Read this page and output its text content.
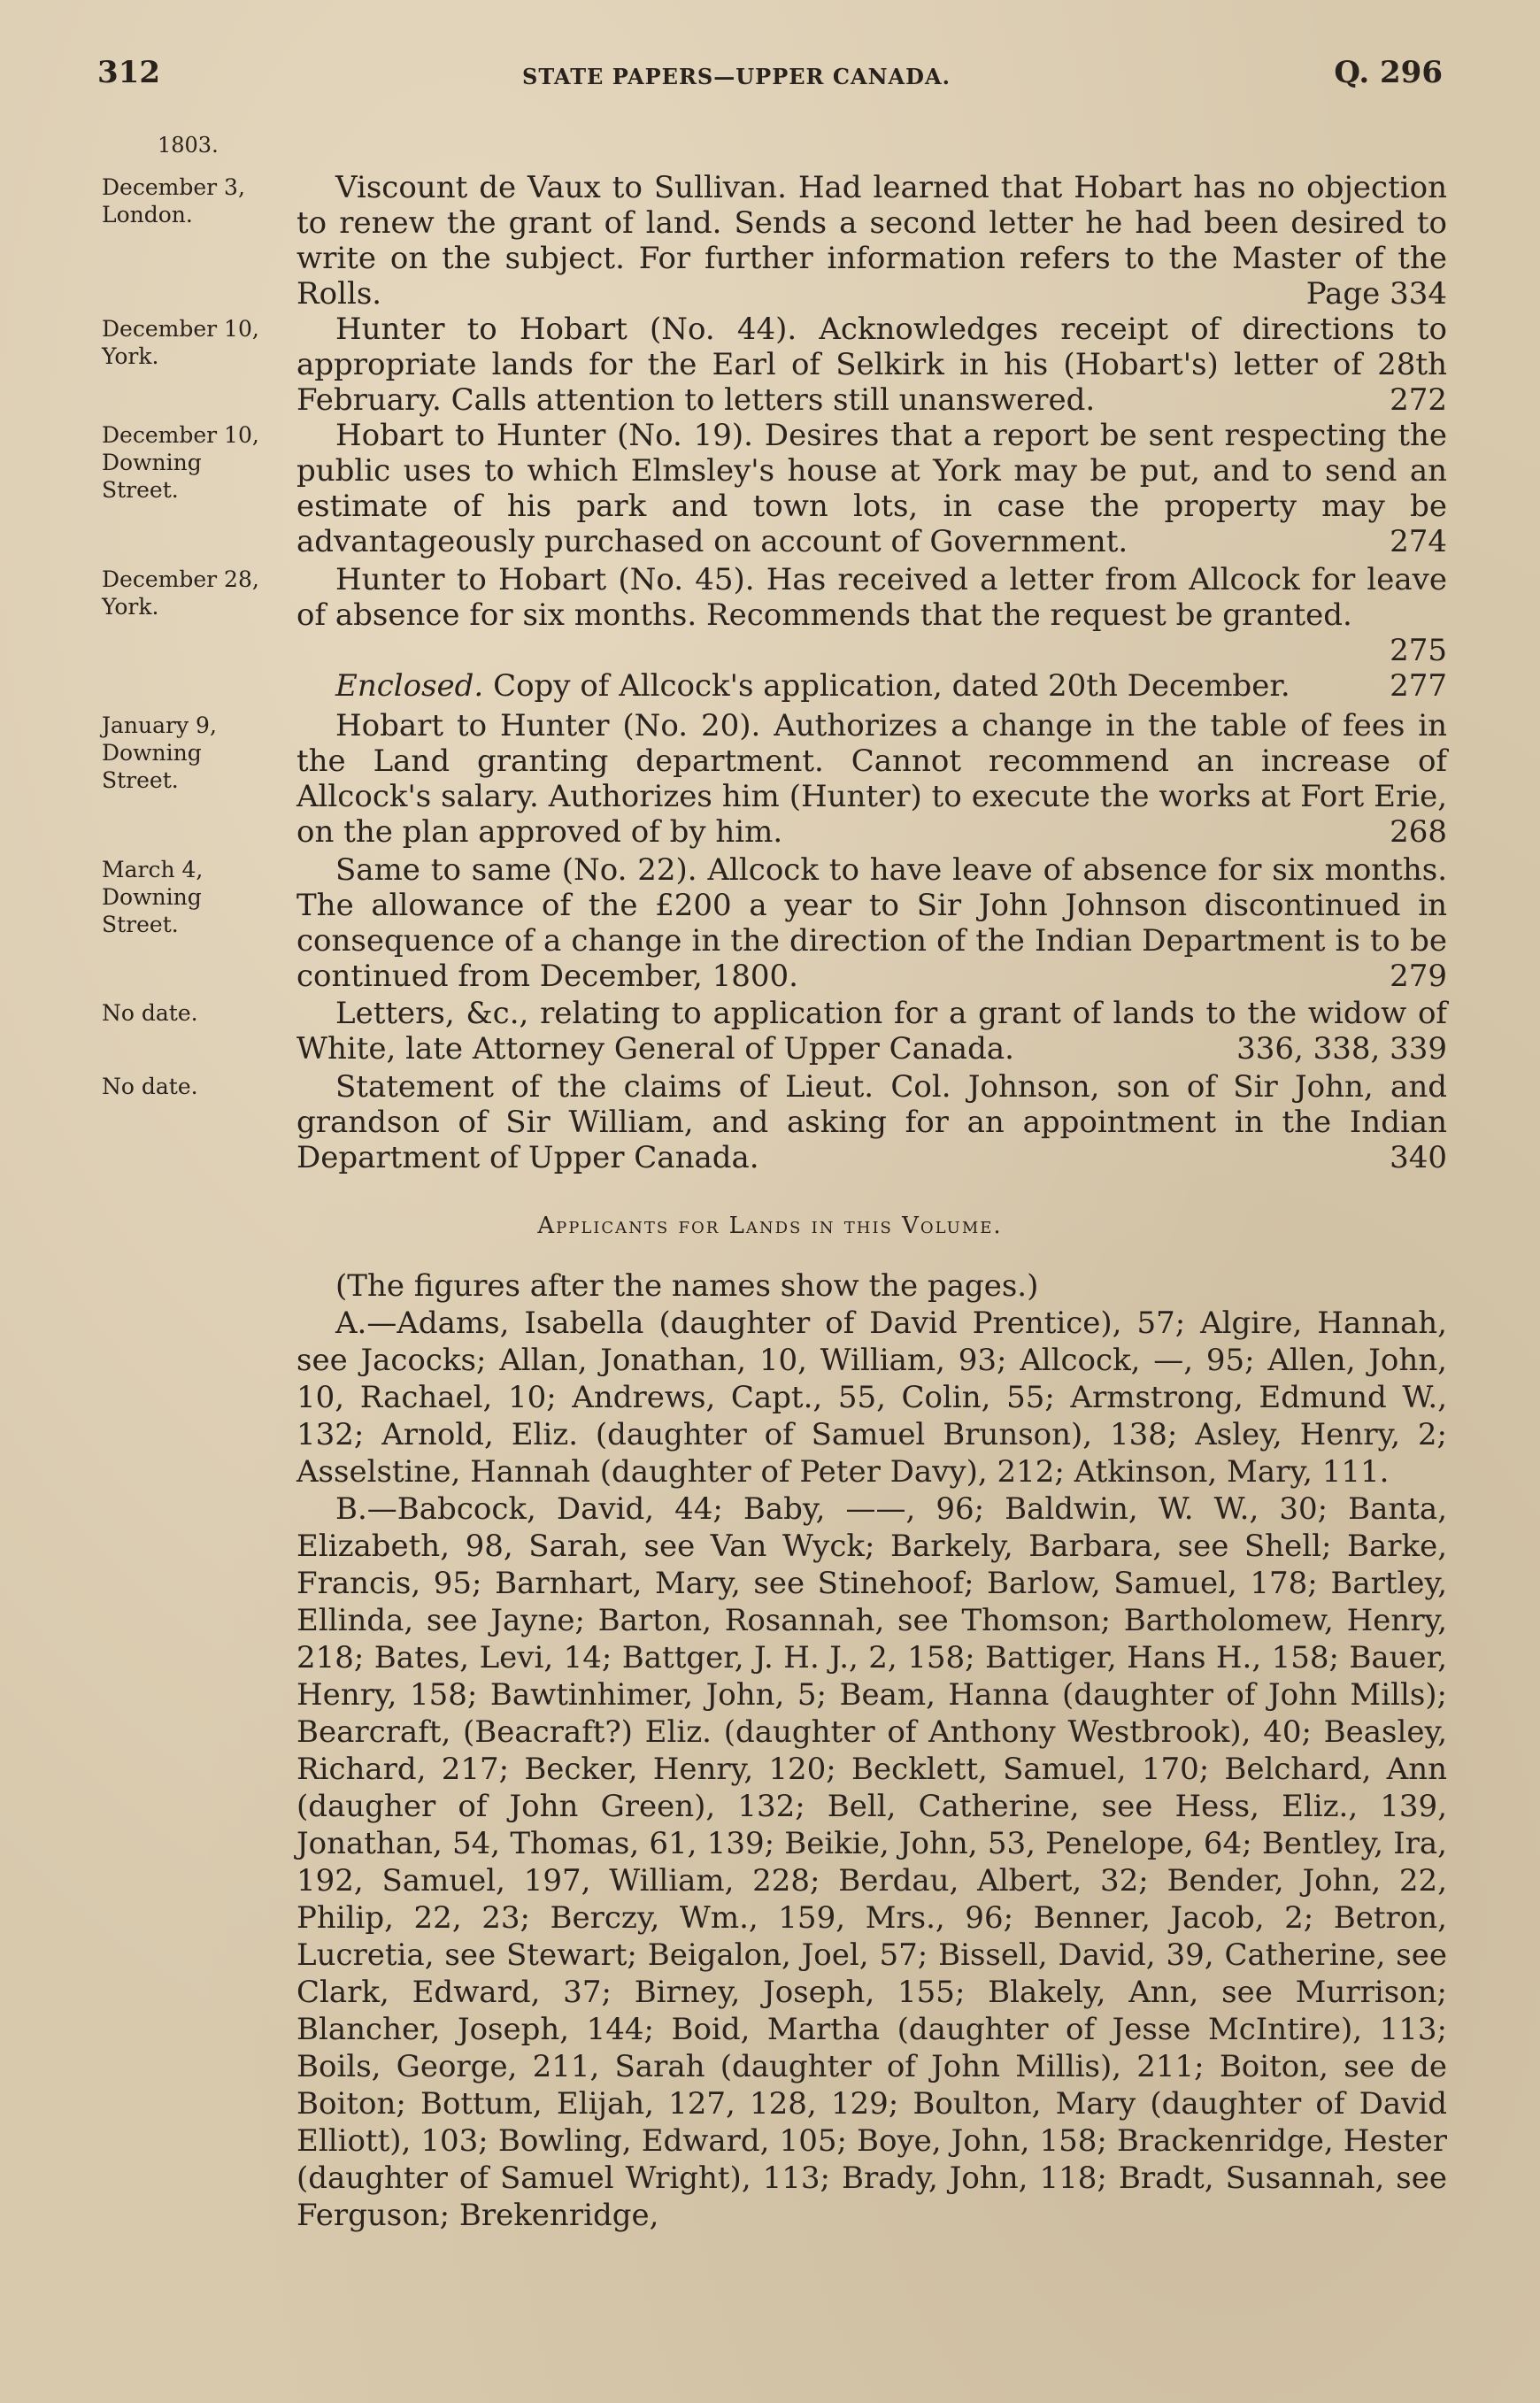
312	STATE PAPERS—UPPER CANADA.	Q. 296
1803.
December 3, London.
Viscount de Vaux to Sullivan. Had learned that Hobart has no objection to renew the grant of land. Sends a second letter he had been desired to write on the subject. For further information refers to the Master of the Rolls.	Page 334
December 10, York.
Hunter to Hobart (No. 44). Acknowledges receipt of directions to appropriate lands for the Earl of Selkirk in his (Hobart's) letter of 28th February. Calls attention to letters still unanswered.	272
December 10, Downing Street.
Hobart to Hunter (No. 19). Desires that a report be sent respecting the public uses to which Elmsley's house at York may be put, and to send an estimate of his park and town lots, in case the property may be advantageously purchased on account of Government.	274
December 28, York.
Hunter to Hobart (No. 45). Has received a letter from Allcock for leave of absence for six months. Recommends that the request be granted.
275
Enclosed. Copy of Allcock's application, dated 20th December.	277
January 9, Downing Street.
Hobart to Hunter (No. 20). Authorizes a change in the table of fees in the Land granting department. Cannot recommend an increase of Allcock's salary. Authorizes him (Hunter) to execute the works at Fort Erie, on the plan approved of by him.	268
March 4, Downing Street.
Same to same (No. 22). Allcock to have leave of absence for six months. The allowance of the £200 a year to Sir John Johnson discontinued in consequence of a change in the direction of the Indian Department is to be continued from December, 1800.	279
No date.	Letters, &c., relating to application for a grant of lands to the widow of White, late Attorney General of Upper Canada.	336, 338, 339
No date.	Statement of the claims of Lieut. Col. Johnson, son of Sir John, and grandson of Sir William, and asking for an appointment in the Indian Department of Upper Canada.	340
Applicants for Lands in this Volume.

(The figures after the names show the pages.)

A.—Adams, Isabella (daughter of David Prentice), 57; Algire, Hannah, see Jacocks; Allan, Jonathan, 10, William, 93; Allcock, —, 95; Allen, John, 10, Rachael, 10; Andrews, Capt., 55, Colin, 55; Armstrong, Edmund W., 132; Arnold, Eliz. (daughter of Samuel Brunson), 138; Asley, Henry, 2; Asselstine, Hannah (daughter of Peter Davy), 212; Atkinson, Mary, 111.

B.—Babcock, David, 44; Baby, ——, 96; Baldwin, W. W., 30; Banta, Elizabeth, 98, Sarah, see Van Wyck; Barkely, Barbara, see Shell; Barke, Francis, 95; Barnhart, Mary, see Stinehoof; Barlow, Samuel, 178; Bartley, Ellinda, see Jayne; Barton, Rosannah, see Thomson; Bartholomew, Henry, 218; Bates, Levi, 14; Battger, J. H. J., 2, 158; Battiger, Hans H., 158; Bauer, Henry, 158; Bawtinhimer, John, 5; Beam, Hanna (daughter of John Mills); Bearcraft, (Beacraft?) Eliz. (daughter of Anthony Westbrook), 40; Beasley, Richard, 217; Becker, Henry, 120; Becklett, Samuel, 170; Belchard, Ann (daugher of John Green), 132; Bell, Catherine, see Hess, Eliz., 139, Jonathan, 54, Thomas, 61, 139; Beikie, John, 53, Penelope, 64; Bentley, Ira, 192, Samuel, 197, William, 228; Berdau, Albert, 32; Bender, John, 22, Philip, 22, 23; Berczy, Wm., 159, Mrs., 96; Benner, Jacob, 2; Betron, Lucretia, see Stewart; Beigalon, Joel, 57; Bissell, David, 39, Catherine, see Clark, Edward, 37; Birney, Joseph, 155; Blakely, Ann, see Murrison; Blancher, Joseph, 144; Boid, Martha (daughter of Jesse McIntire), 113; Boils, George, 211, Sarah (daughter of John Millis), 211; Boiton, see de Boiton; Bottum, Elijah, 127, 128, 129; Boulton, Mary (daughter of David Elliott), 103; Bowling, Edward, 105; Boye, John, 158; Brackenridge, Hester (daughter of Samuel Wright), 113; Brady, John, 118; Bradt, Susannah, see Ferguson; Brekenridge,
